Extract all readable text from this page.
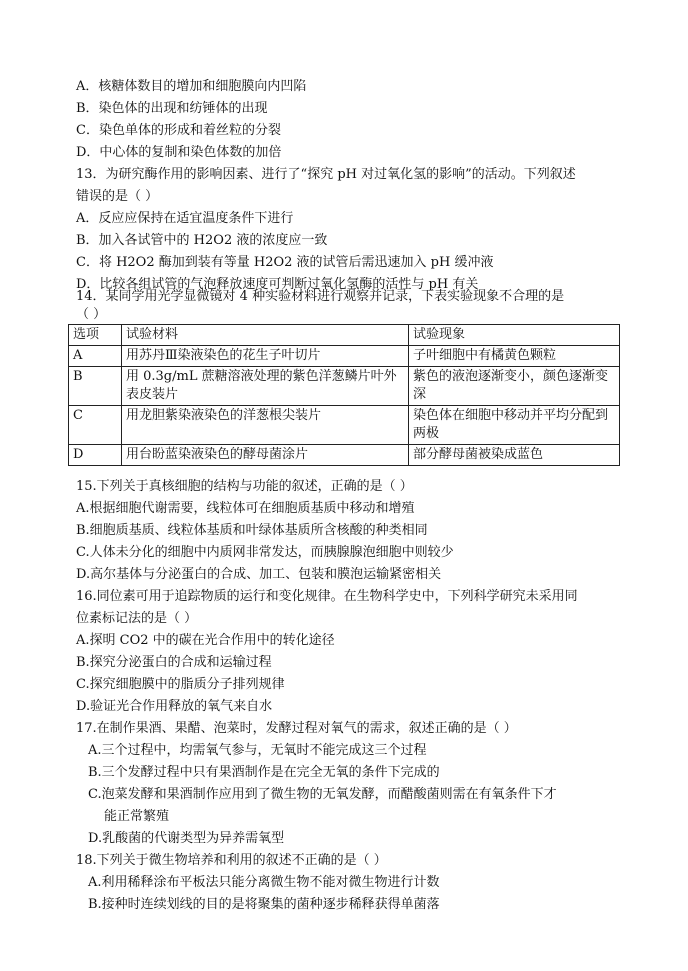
A．核糖体数目的增加和细胞膜向内凹陷
B．染色体的出现和纺锤体的出现
C．染色单体的形成和着丝粒的分裂
D．中心体的复制和染色体数的加倍
13．为研究酶作用的影响因素、进行了“探究 pH 对过氧化氢的影响”的活动。下列叙述
错误的是（ ）
A．反应应保持在适宜温度条件下进行
B．加入各试管中的 H2O2 液的浓度应一致
C．将 H2O2 酶加到装有等量 H2O2 液的试管后需迅速加入 pH 缓冲液
D．比较各组试管的气泡释放速度可判断过氧化氢酶的活性与 pH 有关
14．某同学用光学显微镜对 4 种实验材料进行观察并记录，下表实验现象不合理的是
（ ）
选项	试验材料	试验现象
A	用苏丹Ⅲ染液染色的花生子叶切片	子叶细胞中有橘黄色颗粒
B	用 0.3g/mL 蔗糖溶液处理的紫色洋葱鳞片叶外表皮装片	紫色的液泡逐渐变小，颜色逐渐变深
C	用龙胆紫染液染色的洋葱根尖装片	染色体在细胞中移动并平均分配到两极
D	用台盼蓝染液染色的酵母菌涂片	部分酵母菌被染成蓝色
15.下列关于真核细胞的结构与功能的叙述，正确的是（ ）
A.根据细胞代谢需要，线粒体可在细胞质基质中移动和增殖
B.细胞质基质、线粒体基质和叶绿体基质所含核酸的种类相同
C.人体未分化的细胞中内质网非常发达，而胰腺腺泡细胞中则较少
D.高尔基体与分泌蛋白的合成、加工、包装和膜泡运输紧密相关
16.同位素可用于追踪物质的运行和变化规律。在生物科学史中，下列科学研究未采用同
位素标记法的是（ ）
A.探明 CO2 中的碳在光合作用中的转化途径
B.探究分泌蛋白的合成和运输过程
C.探究细胞膜中的脂质分子排列规律
D.验证光合作用释放的氧气来自水
17.在制作果酒、果醋、泡菜时，发酵过程对氧气的需求，叙述正确的是（ ）
A.三个过程中，均需氧气参与，无氧时不能完成这三个过程
B.三个发酵过程中只有果酒制作是在完全无氧的条件下完成的
C.泡菜发酵和果酒制作应用到了微生物的无氧发酵，而醋酸菌则需在有氧条件下才
能正常繁殖
D.乳酸菌的代谢类型为异养需氧型
18.下列关于微生物培养和利用的叙述不正确的是（ ）
A.利用稀释涂布平板法只能分离微生物不能对微生物进行计数
B.接种时连续划线的目的是将聚集的菌种逐步稀释获得单菌落
